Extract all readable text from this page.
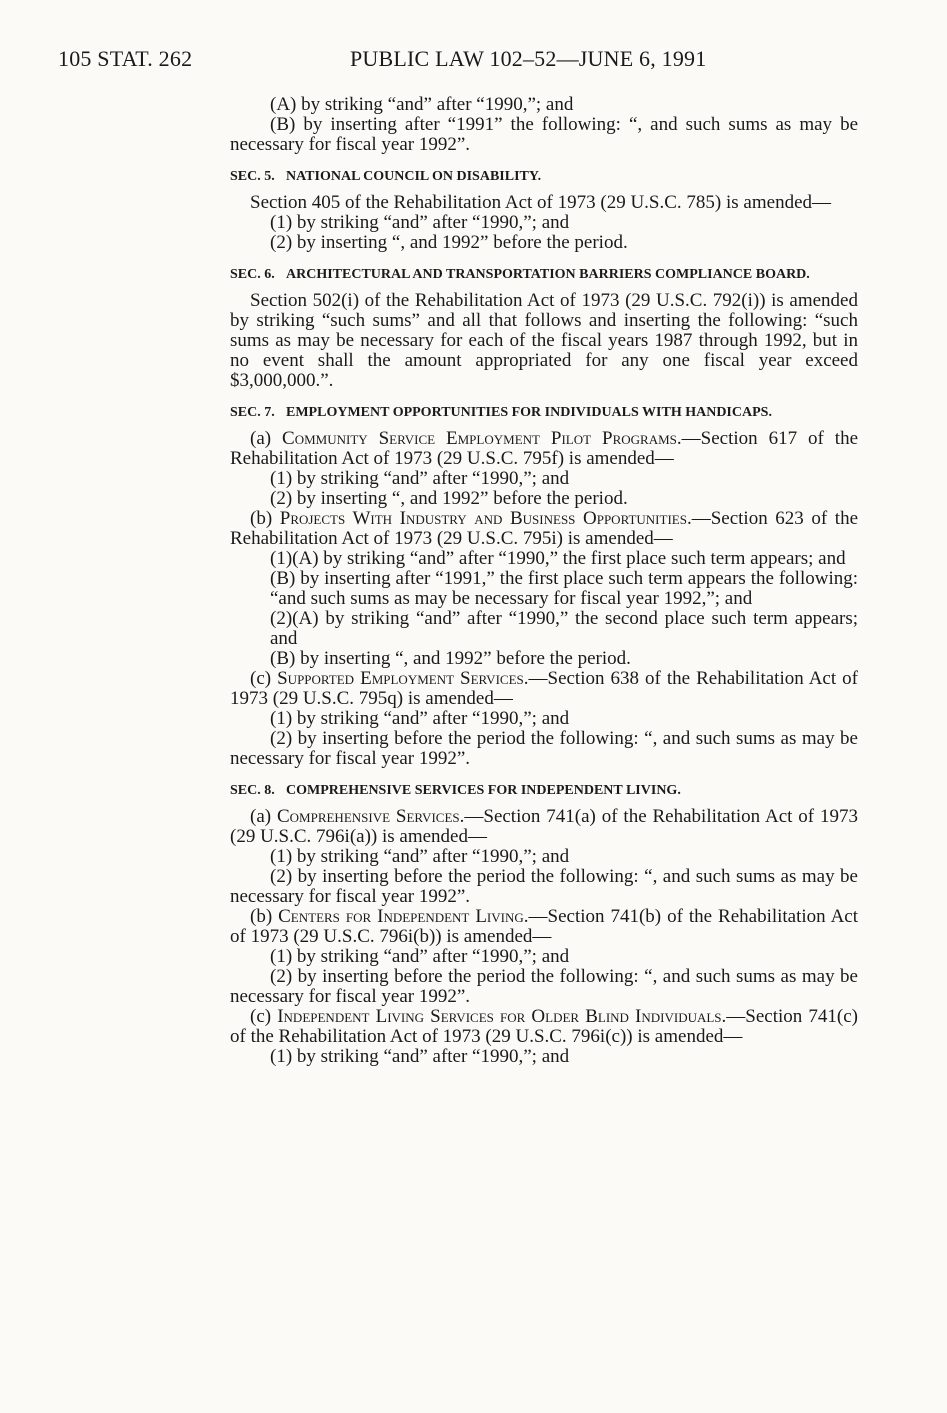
105 STAT. 262	PUBLIC LAW 102–52—JUNE 6, 1991

(A) by striking “and” after “1990,”; and

(B) by inserting after “1991” the following: “, and such sums as may be necessary for fiscal year 1992”.

SEC. 5. NATIONAL COUNCIL ON DISABILITY.

Section 405 of the Rehabilitation Act of 1973 (29 U.S.C. 785) is amended—

(1) by striking “and” after “1990,”; and

(2) by inserting “, and 1992” before the period.

SEC. 6. ARCHITECTURAL AND TRANSPORTATION BARRIERS COMPLIANCE BOARD.

Section 502(i) of the Rehabilitation Act of 1973 (29 U.S.C. 792(i)) is amended by striking “such sums” and all that follows and inserting the following: “such sums as may be necessary for each of the fiscal years 1987 through 1992, but in no event shall the amount appropriated for any one fiscal year exceed $3,000,000.”.

SEC. 7. EMPLOYMENT OPPORTUNITIES FOR INDIVIDUALS WITH HANDICAPS.

(a) Community Service Employment Pilot Programs.—Section 617 of the Rehabilitation Act of 1973 (29 U.S.C. 795f) is amended—

(1) by striking “and” after “1990,”; and

(2) by inserting “, and 1992” before the period.

(b) Projects With Industry and Business Opportunities.—Section 623 of the Rehabilitation Act of 1973 (29 U.S.C. 795i) is amended—

(1)(A) by striking “and” after “1990,” the first place such term appears; and

(B) by inserting after “1991,” the first place such term appears the following: “and such sums as may be necessary for fiscal year 1992,”; and

(2)(A) by striking “and” after “1990,” the second place such term appears; and

(B) by inserting “, and 1992” before the period.

(c) Supported Employment Services.—Section 638 of the Rehabilitation Act of 1973 (29 U.S.C. 795q) is amended—

(1) by striking “and” after “1990,”; and

(2) by inserting before the period the following: “, and such sums as may be necessary for fiscal year 1992”.

SEC. 8. COMPREHENSIVE SERVICES FOR INDEPENDENT LIVING.

(a) Comprehensive Services.—Section 741(a) of the Rehabilitation Act of 1973 (29 U.S.C. 796i(a)) is amended—

(1) by striking “and” after “1990,”; and

(2) by inserting before the period the following: “, and such sums as may be necessary for fiscal year 1992”.

(b) Centers for Independent Living.—Section 741(b) of the Rehabilitation Act of 1973 (29 U.S.C. 796i(b)) is amended—

(1) by striking “and” after “1990,”; and

(2) by inserting before the period the following: “, and such sums as may be necessary for fiscal year 1992”.

(c) Independent Living Services for Older Blind Individuals.—Section 741(c) of the Rehabilitation Act of 1973 (29 U.S.C. 796i(c)) is amended—

(1) by striking “and” after “1990,”; and
